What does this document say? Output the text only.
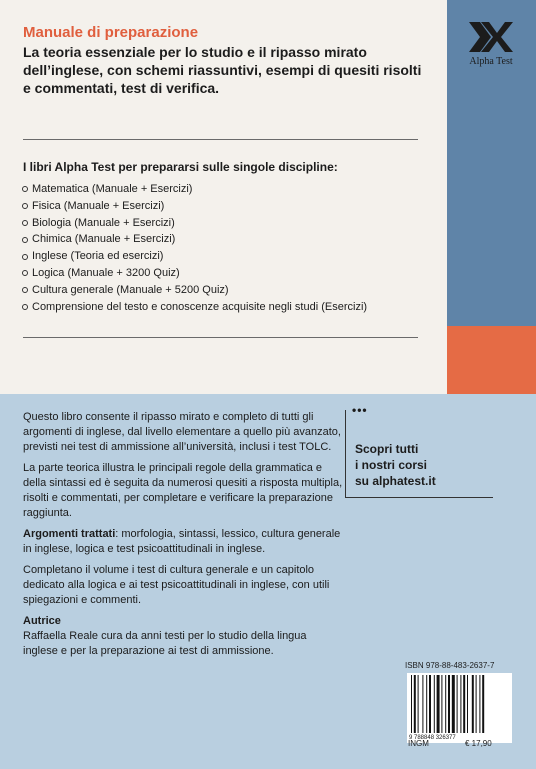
Alpha Test
Manuale di preparazione
La teoria essenziale per lo studio e il ripasso mirato dell’inglese, con schemi riassuntivi, esempi di quesiti risolti e commentati, test di verifica.
I libri Alpha Test per prepararsi sulle singole discipline:
Matematica (Manuale + Esercizi)
Fisica (Manuale + Esercizi)
Biologia (Manuale + Esercizi)
Chimica (Manuale + Esercizi)
Inglese (Teoria ed esercizi)
Logica (Manuale + 3200 Quiz)
Cultura generale (Manuale + 5200 Quiz)
Comprensione del testo e conoscenze acquisite negli studi (Esercizi)

Questo libro consente il ripasso mirato e completo di tutti gli argomenti di inglese, dal livello elementare a quello più avanzato, previsti nei test di ammissione all’università, inclusi i test TOLC.

La parte teorica illustra le principali regole della grammatica e della sintassi ed è seguita da numerosi quesiti a risposta multipla, risolti e commentati, per completare e verificare la preparazione raggiunta.

Argomenti trattati: morfologia, sintassi, lessico, cultura generale in inglese, logica e test psicoattitudinali in inglese.

Completano il volume i test di cultura generale e un capitolo dedicato alla logica e ai test psicoattitudinali in inglese, con utili spiegazioni e commenti.

Autrice

Raffaella Reale cura da anni testi per lo studio della lingua inglese e per la preparazione ai test di ammissione.

•••
Scopri tutti
i nostri corsi
su alphatest.it
ISBN 978-88-483-2637-7
9 788848 326377
INGM	€ 17,90
